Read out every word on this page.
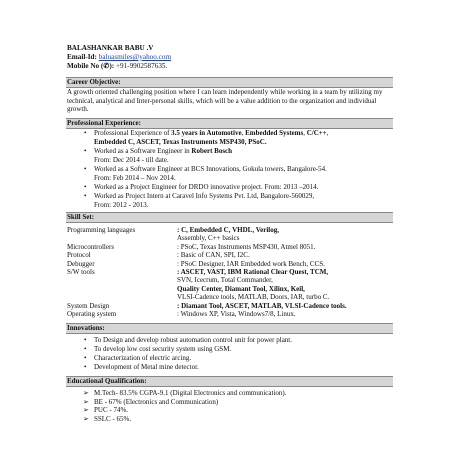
BALASHANKAR BABU .V
Email-Id: baluasmiles@yahoo.com
Mobile No (✆): +91-9902587635.
Career Objective:
A growth oriented challenging position where I can learn independently while working in a team by utilizing my technical, analytical and Inter-personal skills, which will be a value addition to the organization and individual growth.
Professional Experience:
• Professional Experience of 3.5 years in Automotive, Embedded Systems, C/C++,
Embedded C, ASCET, Texas Instruments MSP430, PSoC.
• Worked as a Software Engineer in Robert Bosch
From: Dec 2014 - till date.
• Worked as a Software Engineer at BCS Innovations, Gokula towers, Bangalore-54.
From: Feb 2014 – Nov 2014.
• Worked as a Project Engineer for DRDO innovative project. From: 2013 –2014.
• Worked as Project Intern at Caravel Info Systems Pvt. Ltd, Bangalore-560029,
From: 2012 - 2013.
Skill Set:
Programming languages	: C, Embedded C, VHDL, Verilog,
Assembly, C++ basics
Microcontrollers	: PSoC, Texas Instruments MSP430, Atmel 8051.
Protocol	: Basic of CAN, SPI, I2C.
Debugger	: PSoC Designer, IAR Embedded work Bench, CCS.
S/W tools	: ASCET, VAST, IBM Rational Clear Quest, TCM,
SVN, Icecrum, Total Commander,
Quality Center, Diamant Tool, Xilinx, Keil,
VLSI-Cadence tools, MATLAB, Doors, IAR, turbo C.
System Design	: Diamant Tool, ASCET, MATLAB, VLSI-Cadence tools.
Operating system	: Windows XP, Vista, Windows7/8, Linux.
Innovations:
• To Design and develop robust automation control unit for power plant.
• To develop low cost security system using GSM.
• Characterization of electric arcing.
• Development of Metal mine detector.
Educational Qualification:
➢ M.Tech- 83.5% CGPA-9.1 (Digital Electronics and communication).
➢ BE - 67% (Electronics and Communication)
➢ PUC - 74%.
➢ SSLC - 65%.
